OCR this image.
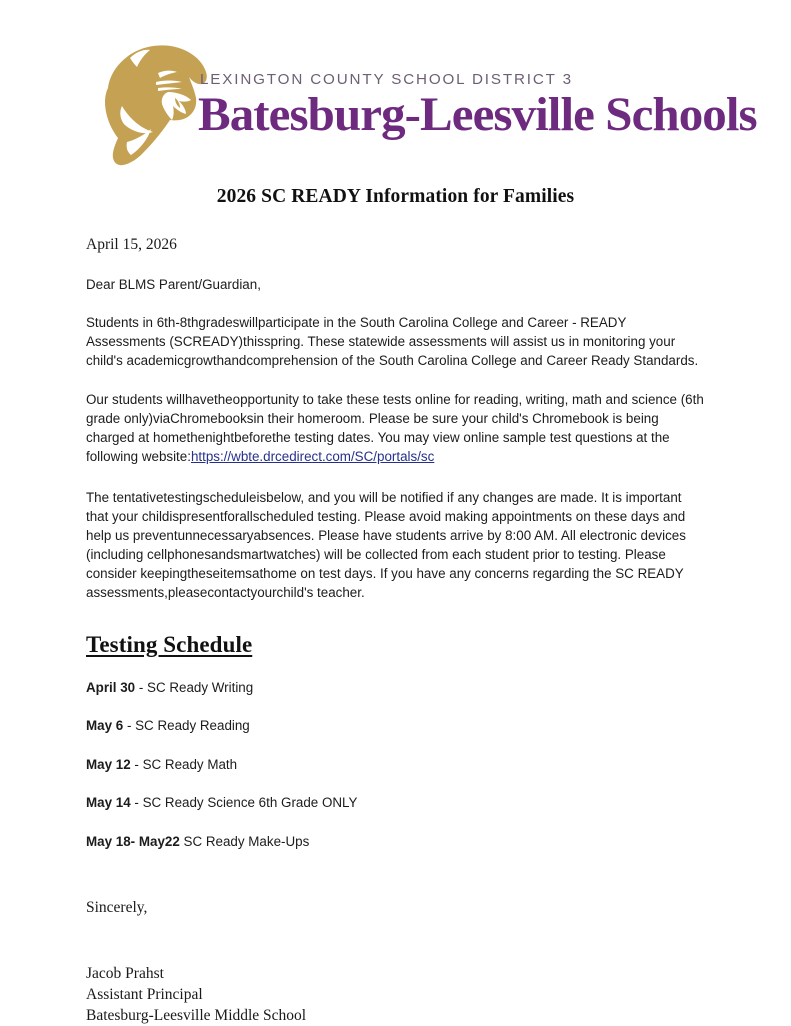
LEXINGTON COUNTY SCHOOL DISTRICT 3
Batesburg-Leesville Schools
2026 SC READY Information for Families
April 15, 2026
Dear BLMS Parent/Guardian,
Students in 6th-8thgradeswillparticipate in the South Carolina College and Career - READY Assessments (SCREADY)thisspring. These statewide assessments will assist us in monitoring your child's academicgrowthandcomprehension of the South Carolina College and Career Ready Standards.
Our students willhavetheopportunity to take these tests online for reading, writing, math and science (6th grade only)viaChromebooksin their homeroom. Please be sure your child's Chromebook is being charged at homethenightbeforethe testing dates. You may view online sample test questions at the following website:https://wbte.drcedirect.com/SC/portals/sc
The tentativetestingscheduleisbelow, and you will be notified if any changes are made. It is important that your childispresentforallscheduled testing. Please avoid making appointments on these days and help us preventunnecessaryabsences. Please have students arrive by 8:00 AM. All electronic devices (including cellphonesandsmartwatches) will be collected from each student prior to testing. Please consider keepingtheseitemsathome on test days. If you have any concerns regarding the SC READY assessments,pleasecontactyourchild's teacher.
Testing Schedule
April 30 - SC Ready Writing
May 6 - SC Ready Reading
May 12 - SC Ready Math
May 14 - SC Ready Science 6th Grade ONLY
May 18- May22 SC Ready Make-Ups
Sincerely,
Jacob Prahst
Assistant Principal
Batesburg-Leesville Middle School
